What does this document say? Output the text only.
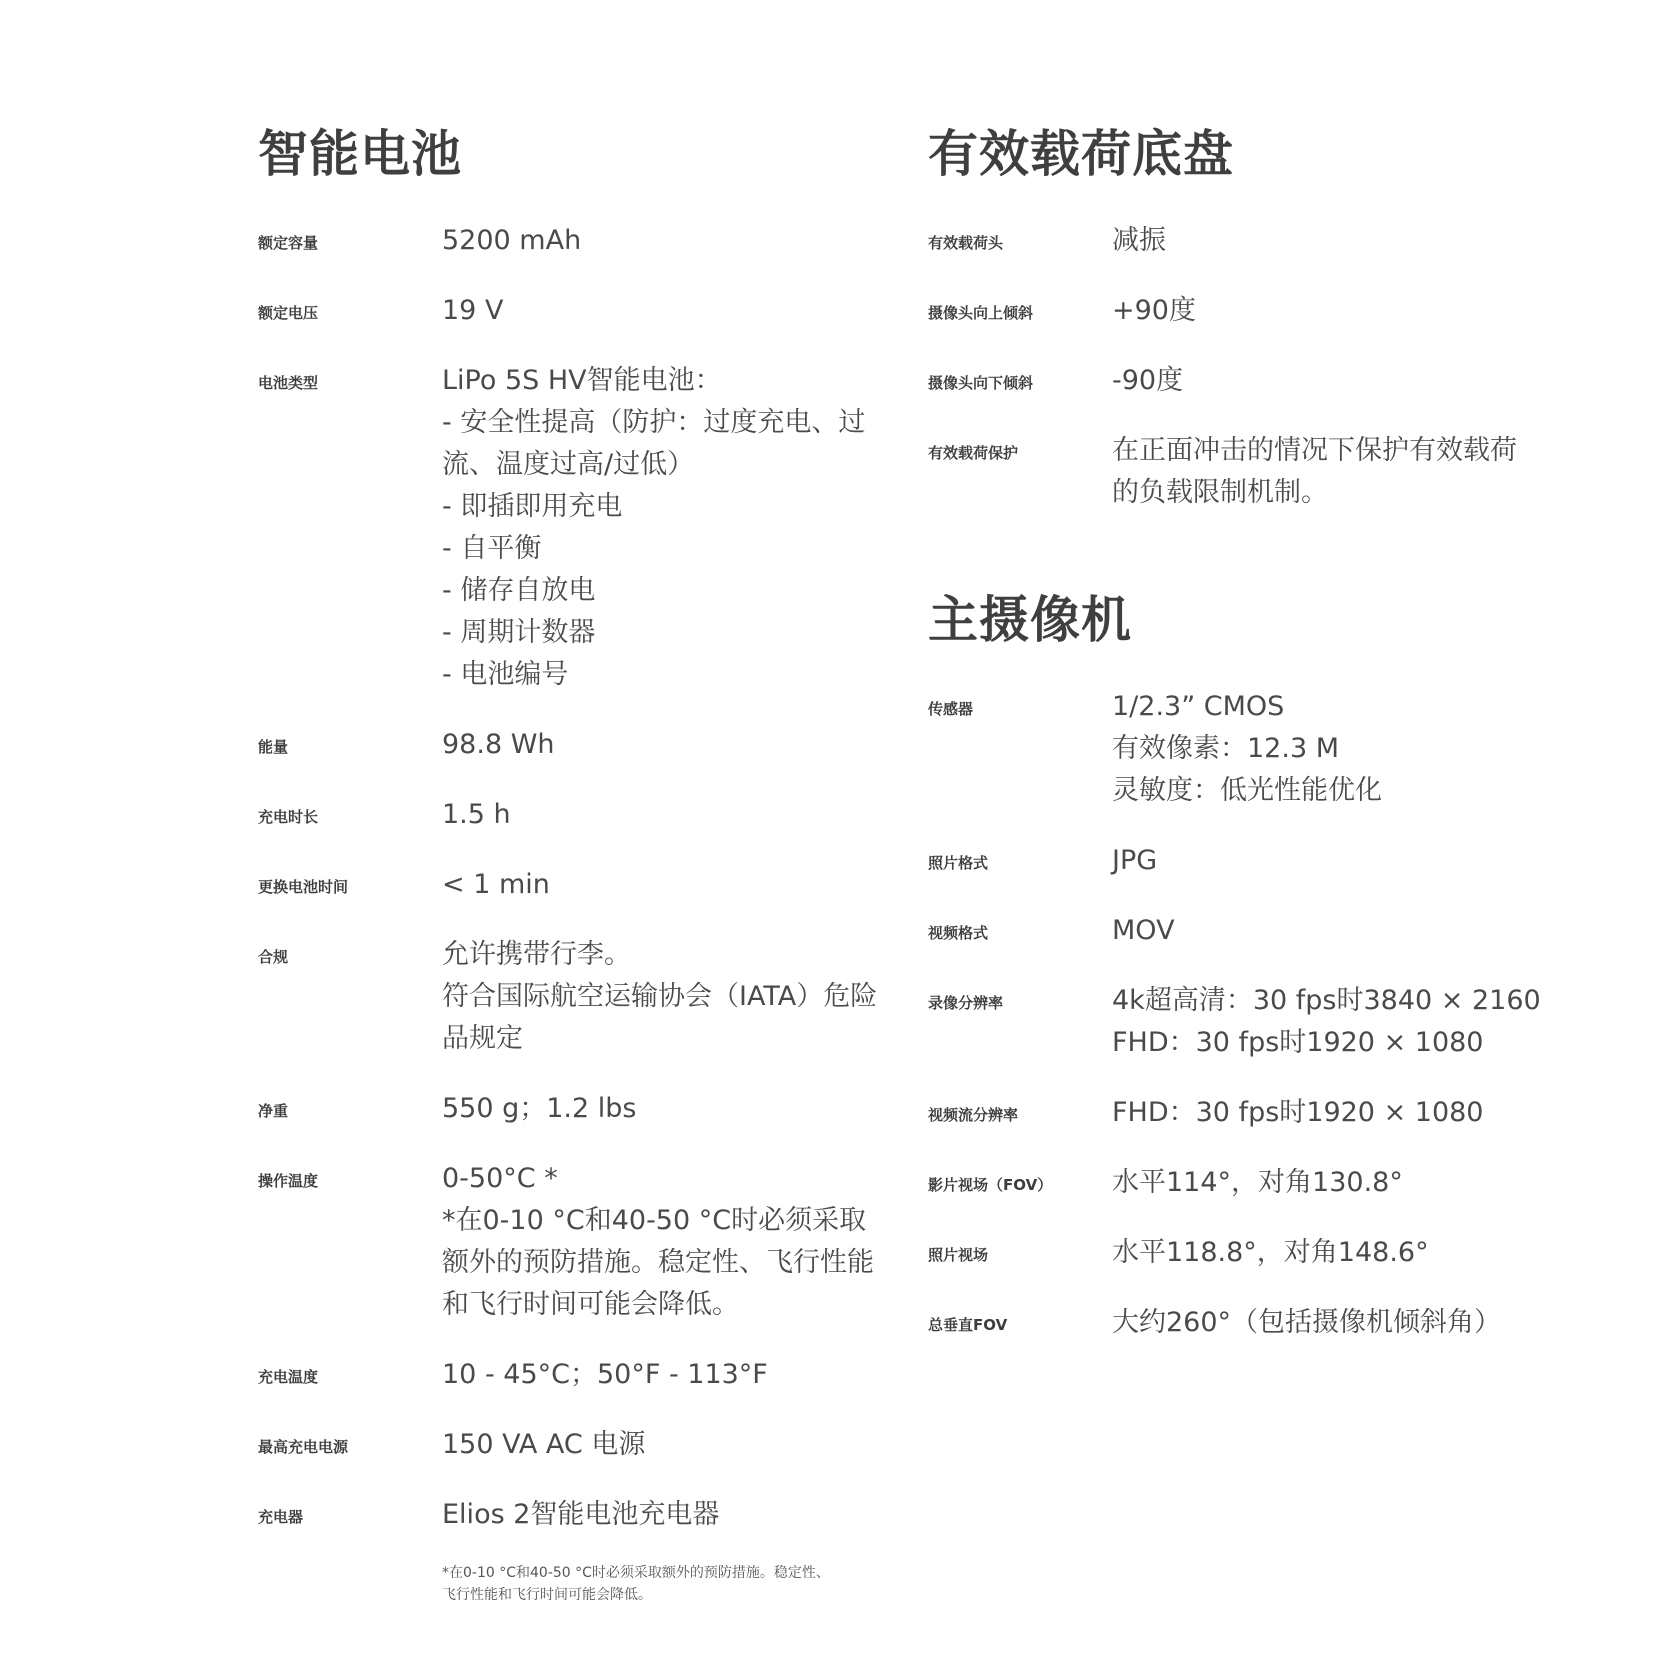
智能电池
额定容量	5200 mAh
额定电压	19 V
电池类型	LiPo 5S HV智能电池：
- 安全性提高（防护：过度充电、过
流、温度过高/过低）
- 即插即用充电
- 自平衡
- 储存自放电
- 周期计数器
- 电池编号
能量	98.8 Wh
充电时长	1.5 h
更换电池时间	< 1 min
合规	允许携带行李。
符合国际航空运输协会（IATA）危险
品规定
净重	550 g；1.2 lbs
操作温度	0-50°C *
*在0-10 °C和40-50 °C时必须采取
额外的预防措施。稳定性、飞行性能
和飞行时间可能会降低。
充电温度	10 - 45°C；50°F - 113°F
最高充电电源	150 VA AC 电源
充电器	Elios 2智能电池充电器
*在0-10 °C和40-50 °C时必须采取额外的预防措施。稳定性、
飞行性能和飞行时间可能会降低。
有效载荷底盘
有效载荷头	减振
摄像头向上倾斜	+90度
摄像头向下倾斜	-90度
有效载荷保护	在正面冲击的情况下保护有效载荷
的负载限制机制。
主摄像机
传感器	1/2.3” CMOS
有效像素：12.3 M
灵敏度：低光性能优化
照片格式	JPG
视频格式	MOV
录像分辨率	4k超高清：30 fps时3840 × 2160
FHD：30 fps时1920 × 1080
视频流分辨率	FHD：30 fps时1920 × 1080
影片视场（FOV）	水平114°，对角130.8°
照片视场	水平118.8°，对角148.6°
总垂直FOV	大约260°（包括摄像机倾斜角）
